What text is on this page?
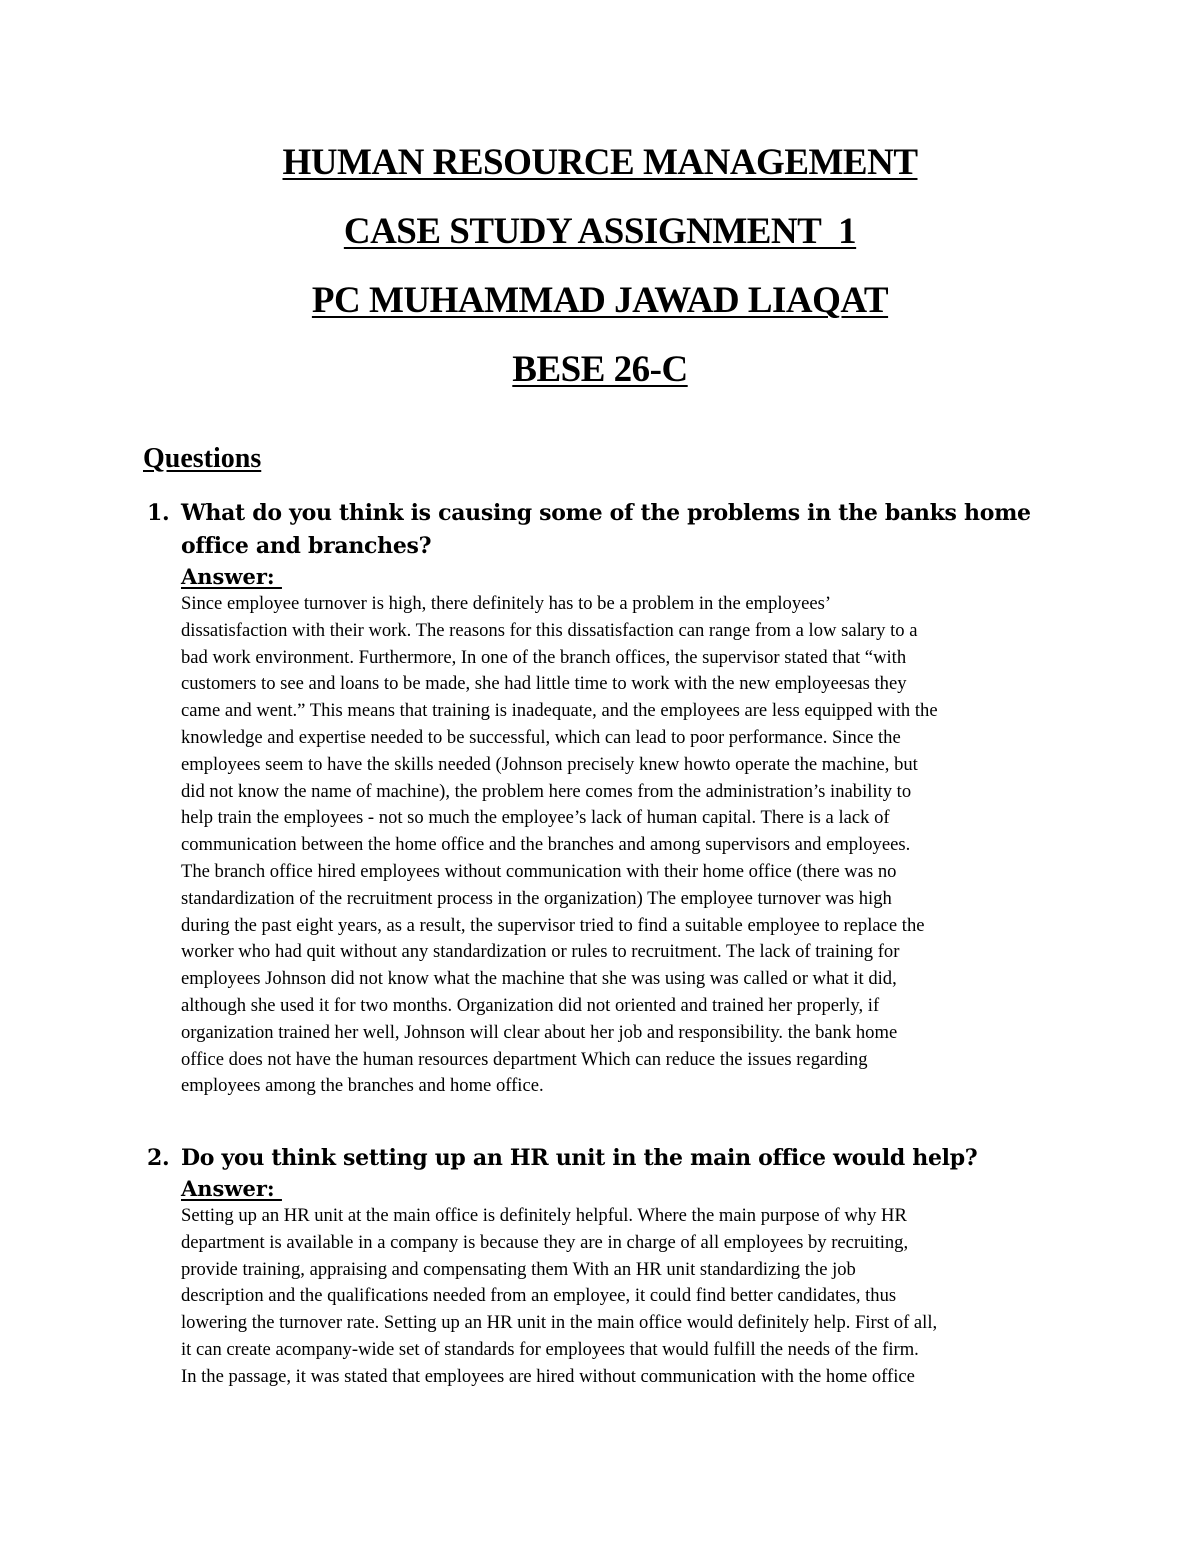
HUMAN RESOURCE MANAGEMENT

CASE STUDY ASSIGNMENT  1

PC MUHAMMAD JAWAD LIAQAT

BESE 26-C

Questions

1. What do you think is causing some of the problems in the banks home
office and branches?

Answer:

Since employee turnover is high, there definitely has to be a problem in the employees’
dissatisfaction with their work. The reasons for this dissatisfaction can range from a low salary to a
bad work environment. Furthermore, In one of the branch offices, the supervisor stated that “with
customers to see and loans to be made, she had little time to work with the new employeesas they
came and went.” This means that training is inadequate, and the employees are less equipped with the
knowledge and expertise needed to be successful, which can lead to poor performance. Since the
employees seem to have the skills needed (Johnson precisely knew howto operate the machine, but
did not know the name of machine), the problem here comes from the administration’s inability to
help train the employees - not so much the employee’s lack of human capital. There is a lack of
communication between the home office and the branches and among supervisors and employees.
The branch office hired employees without communication with their home office (there was no
standardization of the recruitment process in the organization) The employee turnover was high
during the past eight years, as a result, the supervisor tried to find a suitable employee to replace the
worker who had quit without any standardization or rules to recruitment. The lack of training for
employees Johnson did not know what the machine that she was using was called or what it did,
although she used it for two months. Organization did not oriented and trained her properly, if
organization trained her well, Johnson will clear about her job and responsibility. the bank home
office does not have the human resources department Which can reduce the issues regarding
employees among the branches and home office.

2. Do you think setting up an HR unit in the main office would help?

Answer:

Setting up an HR unit at the main office is definitely helpful. Where the main purpose of why HR
department is available in a company is because they are in charge of all employees by recruiting,
provide training, appraising and compensating them With an HR unit standardizing the job
description and the qualifications needed from an employee, it could find better candidates, thus
lowering the turnover rate. Setting up an HR unit in the main office would definitely help. First of all,
it can create acompany-wide set of standards for employees that would fulfill the needs of the firm.
In the passage, it was stated that employees are hired without communication with the home office
